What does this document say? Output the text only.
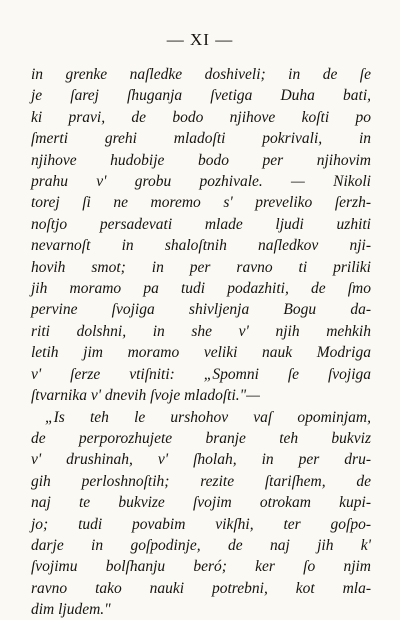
— XI —
in grenke naſledke doshiveli; in de ſe
je ſarej ſhuganja ſvetiga Duha bati,
ki pravi, de bodo njihove koſti po
ſmerti grehi mladoſti pokrivali, in
njihove hudobije bodo per njihovim
prahu v' grobu pozhivale. — Nikoli
torej ſi ne moremo s' preveliko ſerzh-
noſtjo persadevati mlade ljudi uzhiti
nevarnoſt in shaloſtnih naſledkov nji-
hovih smot; in per ravno ti priliki
jih moramo pa tudi podazhiti, de ſmo
pervine ſvojiga shivljenja Bogu da-
riti dolshni, in she v' njih mehkih
letih jim moramo veliki nauk Modriga
v' ſerze vtiſniti: „Spomni ſe ſvojiga
ſtvarnika v' dnevih ſvoje mladoſti."—
„Is teh le urshohov vaſ opominjam,
de perporozhujete branje teh bukviz
v' drushinah, v' ſholah, in per dru-
gih perloshnoſtih; rezite ſtariſhem, de
naj te bukvize ſvojim otrokam kupi-
jo; tudi povabim vikſhi, ter goſpo-
darje in goſpodinje, de naj jih k'
ſvojimu bolſhanju beró; ker ſo njim
ravno tako nauki potrebni, kot mla-
dim ljudem."
